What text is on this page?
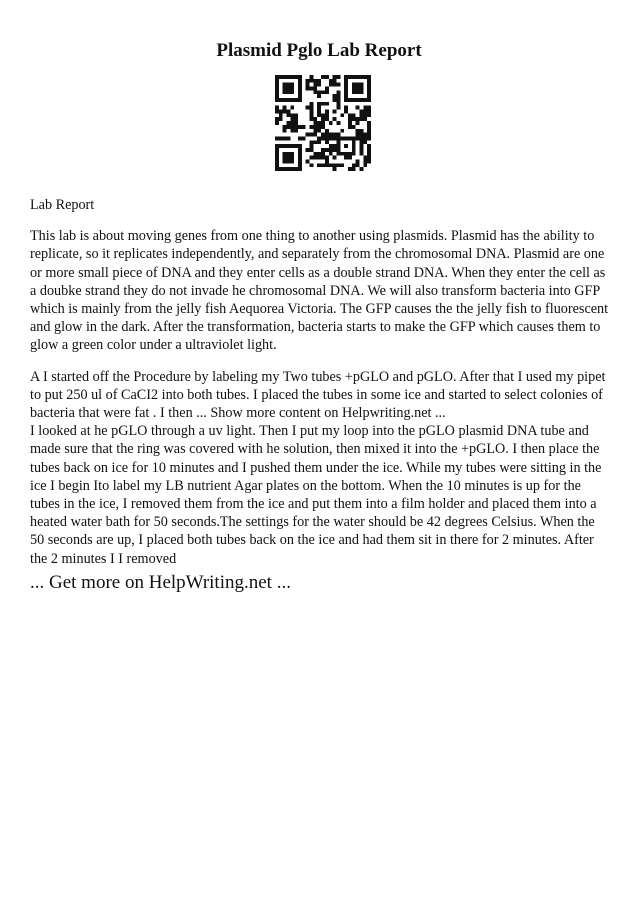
Plasmid Pglo Lab Report

Lab Report

This lab is about moving genes from one thing to another using plasmids. Plasmid has the ability to replicate, so it replicates independently, and separately from the chromosomal DNA. Plasmid are one or more small piece of DNA and they enter cells as a double strand DNA. When they enter the cell as a doubke strand they do not invade he chromosomal DNA. We will also transform bacteria into GFP which is mainly from the jelly fish Aequorea Victoria. The GFP causes the the jelly fish to fluorescent and glow in the dark. After the transformation, bacteria starts to make the GFP which causes them to glow a green color under a ultraviolet light.

A I started off the Procedure by labeling my Two tubes +pGLO and pGLO. After that I used my pipet to put 250 ul of CaCI2 into both tubes. I placed the tubes in some ice and started to select colonies of bacteria that were fat . I then ... Show more content on Helpwriting.net ...

I looked at he pGLO through a uv light. Then I put my loop into the pGLO plasmid DNA tube and made sure that the ring was covered with he solution, then mixed it into the +pGLO. I then place the tubes back on ice for 10 minutes and I pushed them under the ice. While my tubes were sitting in the ice I begin Ito label my LB nutrient Agar plates on the bottom. When the 10 minutes is up for the tubes in the ice, I removed them from the ice and put them into a film holder and placed them into a heated water bath for 50 seconds.The settings for the water should be 42 degrees Celsius. When the 50 seconds are up, I placed both tubes back on the ice and had them sit in there for 2 minutes. After the 2 minutes I I removed

... Get more on HelpWriting.net ...
